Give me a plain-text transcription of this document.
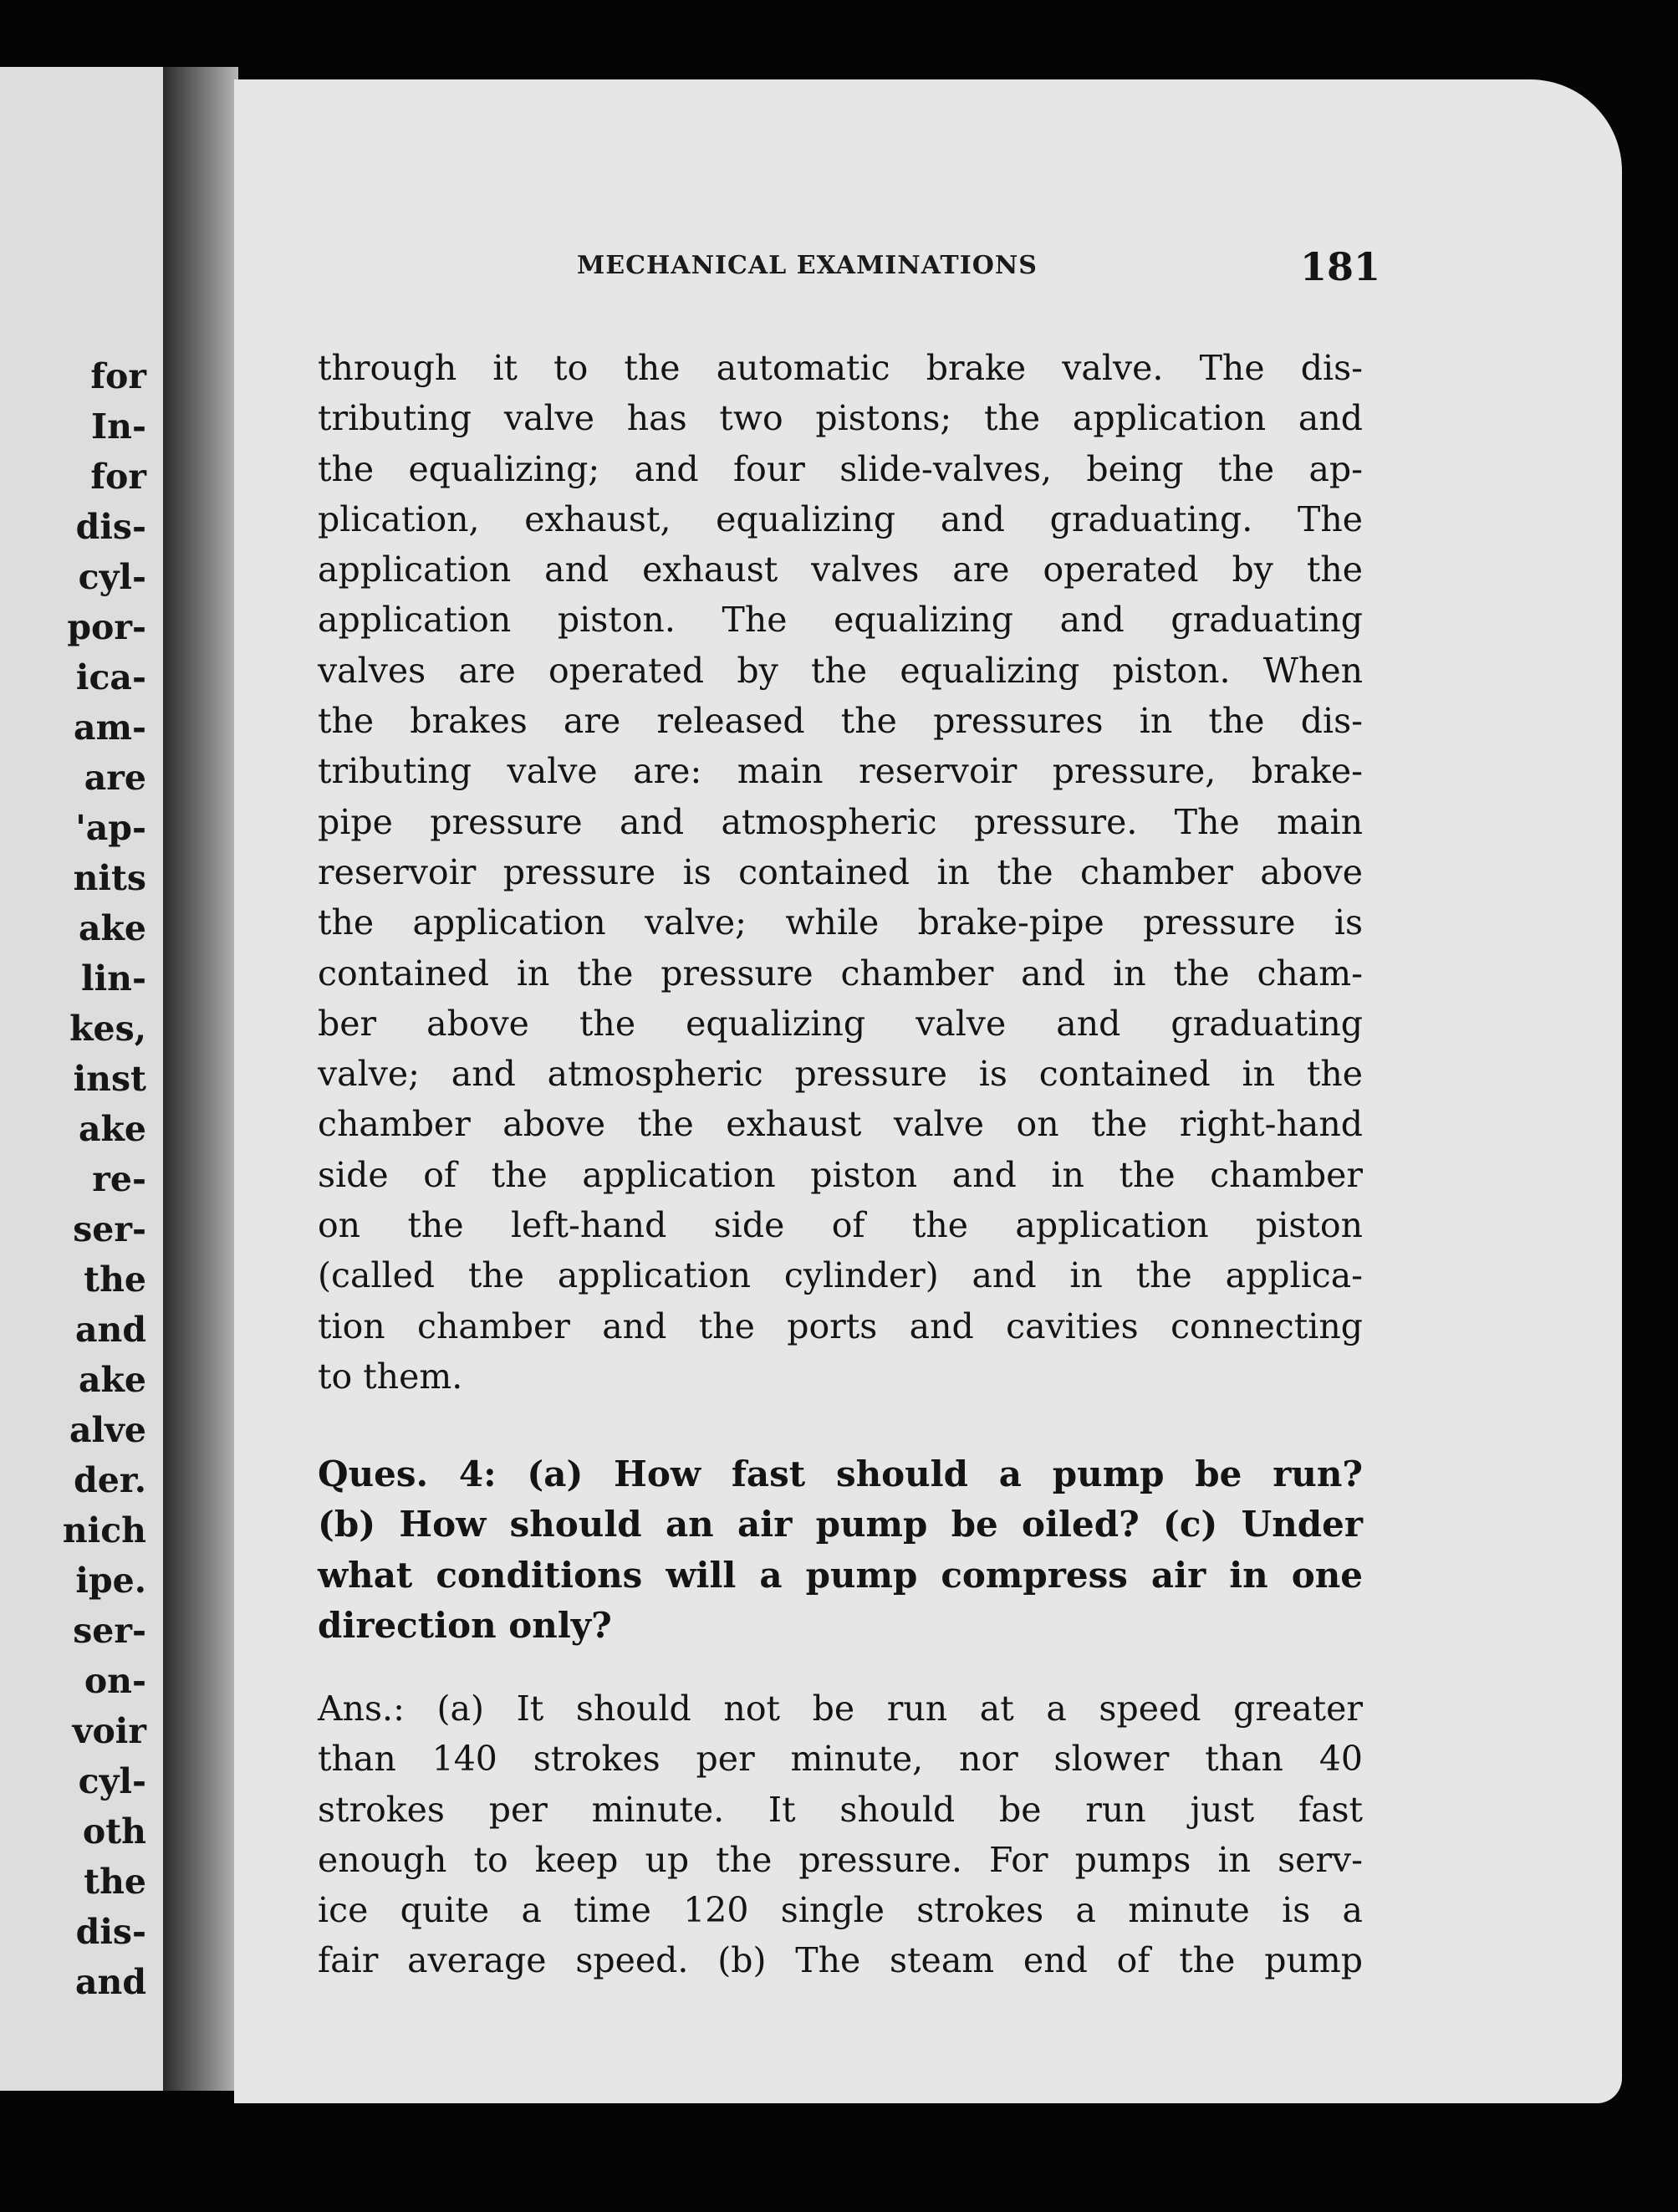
for
In-
for
dis-
cyl-
por-
ica-
am-
are
'ap-
nits
ake
lin-
kes,
inst
ake
re-
ser-
the
and
ake
alve
der.
nich
ipe.
ser-
on-
voir
cyl-
oth
the
dis-
and
MECHANICAL EXAMINATIONS	181
through it to the automatic brake valve. The dis-
tributing valve has two pistons; the application and
the equalizing; and four slide-valves, being the ap-
plication, exhaust, equalizing and graduating. The
application and exhaust valves are operated by the
application piston. The equalizing and graduating
valves are operated by the equalizing piston. When
the brakes are released the pressures in the dis-
tributing valve are: main reservoir pressure, brake-
pipe pressure and atmospheric pressure. The main
reservoir pressure is contained in the chamber above
the application valve; while brake-pipe pressure is
contained in the pressure chamber and in the cham-
ber above the equalizing valve and graduating
valve; and atmospheric pressure is contained in the
chamber above the exhaust valve on the right-hand
side of the application piston and in the chamber
on the left-hand side of the application piston
(called the application cylinder) and in the applica-
tion chamber and the ports and cavities connecting
to them.
Ques. 4: (a) How fast should a pump be run?
(b) How should an air pump be oiled? (c) Under
what conditions will a pump compress air in one
direction only?
Ans.: (a) It should not be run at a speed greater
than 140 strokes per minute, nor slower than 40
strokes per minute. It should be run just fast
enough to keep up the pressure. For pumps in serv-
ice quite a time 120 single strokes a minute is a
fair average speed. (b) The steam end of the pump
